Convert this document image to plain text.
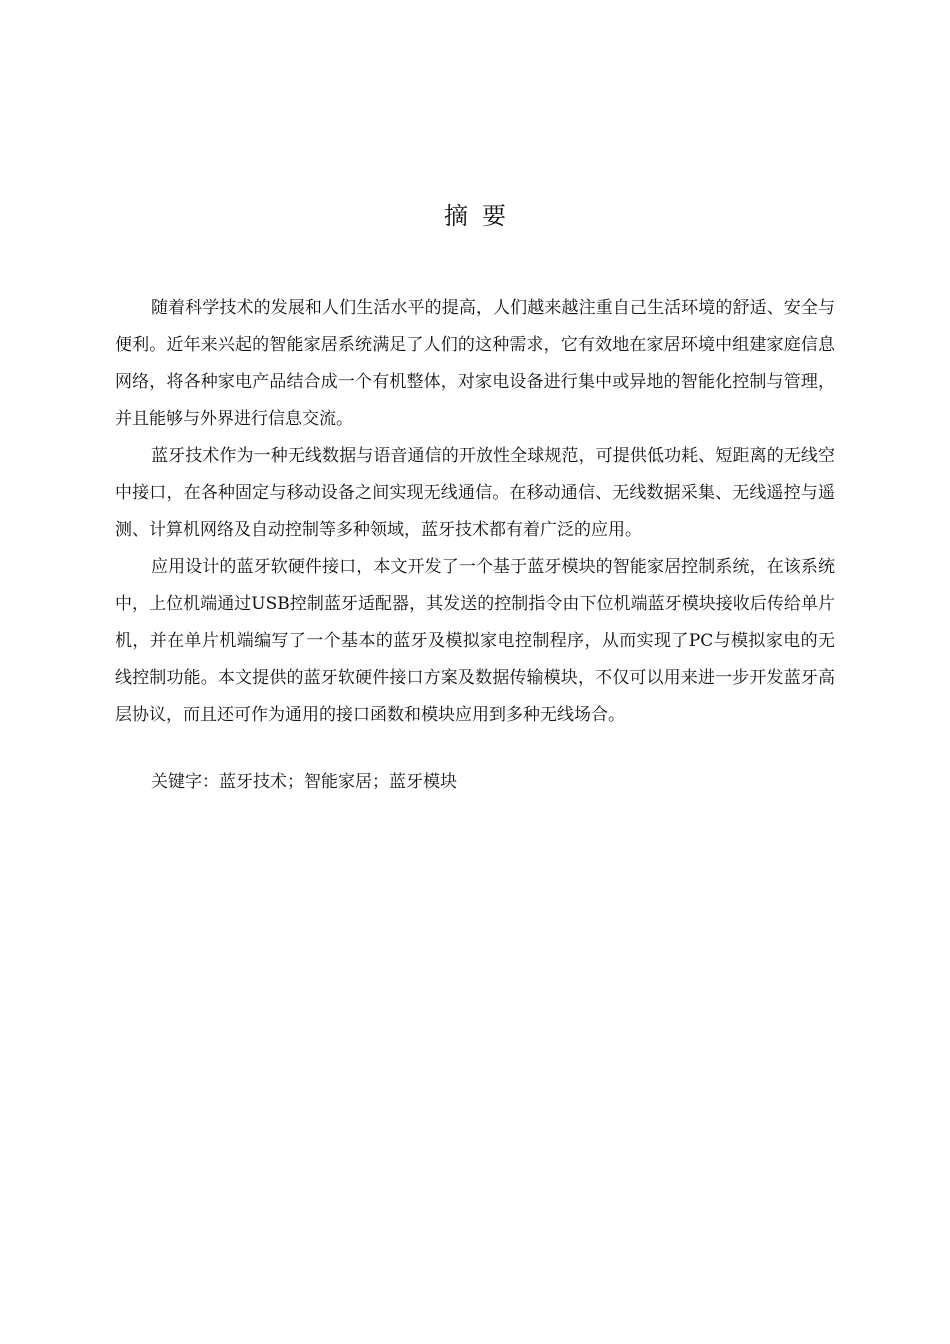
摘要

随着科学技术的发展和人们生活水平的提高，人们越来越注重自己生活环境的舒适、安全与便利。近年来兴起的智能家居系统满足了人们的这种需求，它有效地在家居环境中组建家庭信息网络，将各种家电产品结合成一个有机整体，对家电设备进行集中或异地的智能化控制与管理，并且能够与外界进行信息交流。

蓝牙技术作为一种无线数据与语音通信的开放性全球规范，可提供低功耗、短距离的无线空中接口，在各种固定与移动设备之间实现无线通信。在移动通信、无线数据采集、无线遥控与遥测、计算机网络及自动控制等多种领域，蓝牙技术都有着广泛的应用。

应用设计的蓝牙软硬件接口，本文开发了一个基于蓝牙模块的智能家居控制系统，在该系统中，上位机端通过USB控制蓝牙适配器，其发送的控制指令由下位机端蓝牙模块接收后传给单片机，并在单片机端编写了一个基本的蓝牙及模拟家电控制程序，从而实现了PC与模拟家电的无线控制功能。本文提供的蓝牙软硬件接口方案及数据传输模块，不仅可以用来进一步开发蓝牙高层协议，而且还可作为通用的接口函数和模块应用到多种无线场合。

关键字：蓝牙技术；智能家居；蓝牙模块
